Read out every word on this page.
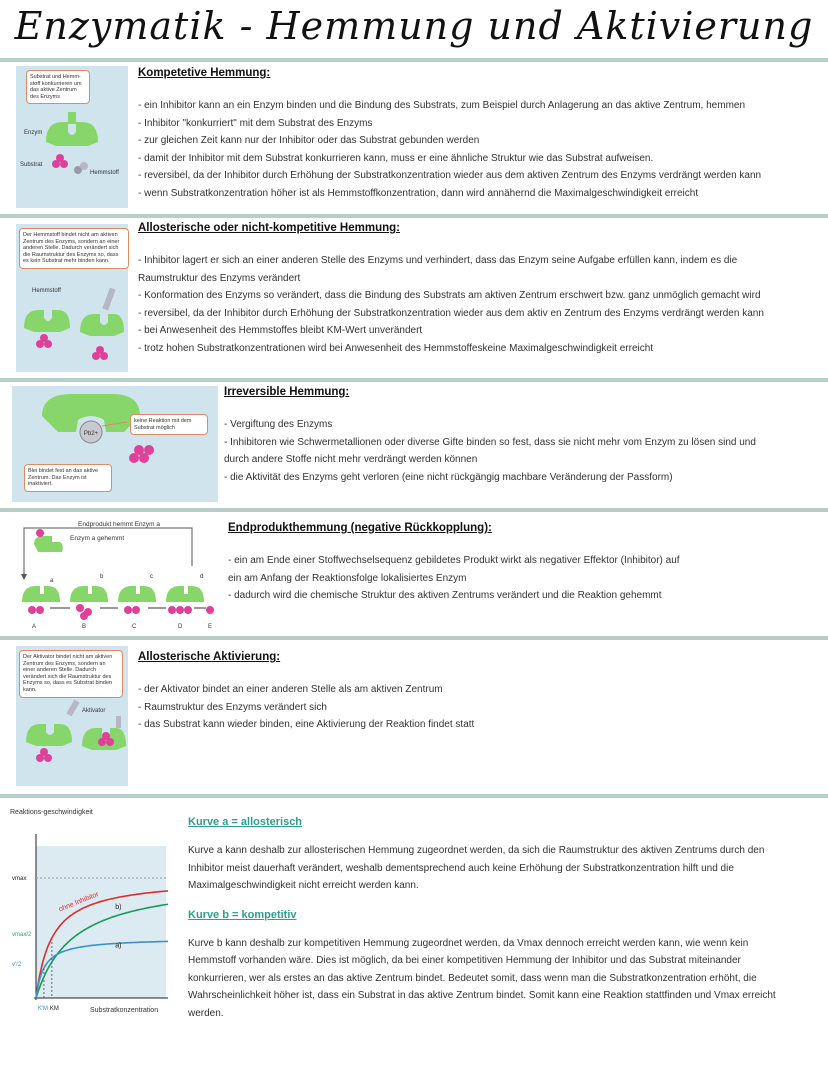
Enzymatik - Hemmung und Aktivierung
Substrat und Hemm-stoff konkurrieren um das aktive Zentrum des Enzyms
Enzym
Substrat
Hemmstoff
Kompetetive Hemmung:
- ein Inhibitor kann an ein Enzym binden und die Bindung des Substrats, zum Beispiel durch Anlagerung an das aktive Zentrum, hemmen
- Inhibitor "konkurriert" mit dem Substrat des Enzyms
- zur gleichen Zeit kann nur der Inhibitor oder das Substrat gebunden werden
- damit der Inhibitor mit dem Substrat konkurrieren kann, muss er eine ähnliche Struktur wie das Substrat aufweisen.
- reversibel, da der Inhibitor durch Erhöhung der Substratkonzentration wieder aus dem aktiven Zentrum des Enzyms verdrängt werden kann
- wenn Substratkonzentration höher ist als Hemmstoffkonzentration, dann wird annähernd die Maximalgeschwindigkeit erreicht
Der Hemmstoff bindet nicht am aktiven Zentrum des Enzyms, sondern an einer anderen Stelle. Dadurch verändert sich die Raumstruktur des Enzyms so, dass es kein Substrat mehr binden kann.
Hemmstoff
Allosterische oder nicht-kompetitive Hemmung:
- Inhibitor lagert er sich an einer anderen Stelle des Enzyms und verhindert, dass das Enzym seine Aufgabe erfüllen kann, indem es die
Raumstruktur des Enzyms verändert
- Konformation des Enzyms so verändert, dass die Bindung des Substrats am aktiven Zentrum erschwert bzw. ganz unmöglich gemacht wird
- reversibel, da der Inhibitor durch Erhöhung der Substratkonzentration wieder aus dem aktiv en Zentrum des Enzyms verdrängt werden kann
- bei Anwesenheit des Hemmstoffes bleibt KM-Wert unverändert
- trotz hohen Substratkonzentrationen wird bei Anwesenheit des Hemmstoffeskeine Maximalgeschwindigkeit erreicht
Pb2+
keine Reaktion mit dem Substrat möglich
Blei bindet fest an das aktive Zentrum. Das Enzym ist inaktiviert.
Irreversible Hemmung:
- Vergiftung des Enzyms
- Inhibitoren wie Schwermetallionen oder diverse Gifte binden so fest, dass sie nicht mehr vom Enzym zu lösen sind und
durch andere Stoffe nicht mehr verdrängt werden können
- die Aktivität des Enzyms geht verloren (eine nicht rückgängig machbare Veränderung der Passform)
Endprodukt hemmt Enzym a
Enzym a gehemmt
a
b	c	d
A	B	C	D	E
Endprodukthemmung (negative Rückkopplung):
- ein am Ende einer Stoffwechselsequenz gebildetes Produkt wirkt als negativer Effektor (Inhibitor) auf
ein am Anfang der Reaktionsfolge lokalisiertes Enzym
- dadurch wird die chemische Struktur des aktiven Zentrums verändert und die Reaktion gehemmt
Der Aktivator bindet nicht am aktiven Zentrum des Enzyms, sondern an einer anderen Stelle. Dadurch verändert sich die Raumstruktur des Enzyms so, dass es Substrat binden kann.
Aktivator
Allosterische Aktivierung:
- der Aktivator bindet an einer anderen Stelle als am aktiven Zentrum
- Raumstruktur des Enzyms verändert sich
- das Substrat kann wieder binden, eine Aktivierung der Reaktion findet statt
Reaktions-geschwindigkeit
ohne Inhibitor b)
a)
vmax
vmax/2
v'/2
K'M KM	Substratkonzentration

Kurve a = allosterisch

Kurve a kann deshalb zur allosterischen Hemmung zugeordnet werden, da sich die Raumstruktur des aktiven Zentrums durch den Inhibitor meist dauerhaft verändert, weshalb dementsprechend auch keine Erhöhung der Substratkonzentration hilft und die Maximalgeschwindigkeit nicht erreicht werden kann.

Kurve b = kompetitiv

Kurve b kann deshalb zur kompetitiven Hemmung zugeordnet werden, da Vmax dennoch erreicht werden kann, wie wenn kein Hemmstoff vorhanden wäre. Dies ist möglich, da bei einer kompetitiven Hemmung der Inhibitor und das Substrat miteinander konkurrieren, wer als erstes an das aktive Zentrum bindet. Bedeutet somit, dass wenn man die Substratkonzentration erhöht, die Wahrscheinlichkeit höher ist, dass ein Substrat in das aktive Zentrum bindet. Somit kann eine Reaktion stattfinden und Vmax erreicht werden.
